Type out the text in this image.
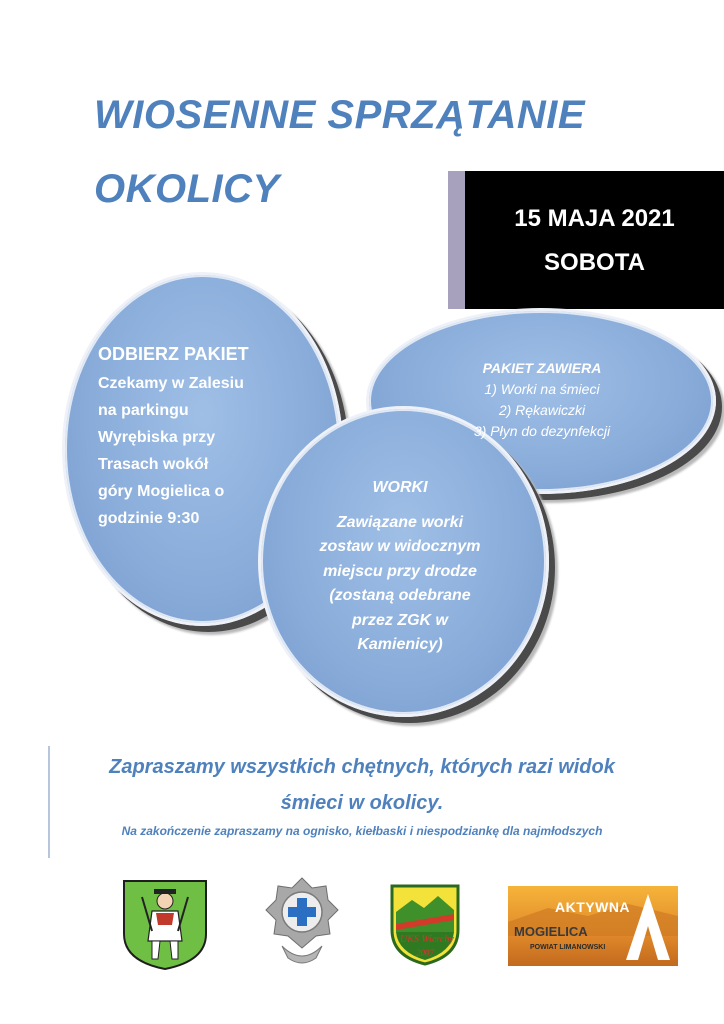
WIOSENNE SPRZĄTANIE
OKOLICY
15 MAJA 2021
SOBOTA
ODBIERZ PAKIET
Czekamy w Zalesiu
na parkingu
Wyrębiska przy
Trasach wokół
góry Mogielica o
godzinie 9:30
PAKIET ZAWIERA
1) Worki na śmieci
2) Rękawiczki
3) Płyn do dezynfekcji
WORKI
Zawiązane worki
zostaw w widocznym
miejscu przy drodze
(zostaną odebrane
przez ZGK w
Kamienicy)
Zapraszamy wszystkich chętnych, których razi widok
śmieci w okolicy.
Na zakończenie zapraszamy na ognisko, kiełbaski i niespodziankę dla najmłodszych
UKS Wierchy
2007
AKTYWNA
MOGIELICA
POWIAT LIMANOWSKI
